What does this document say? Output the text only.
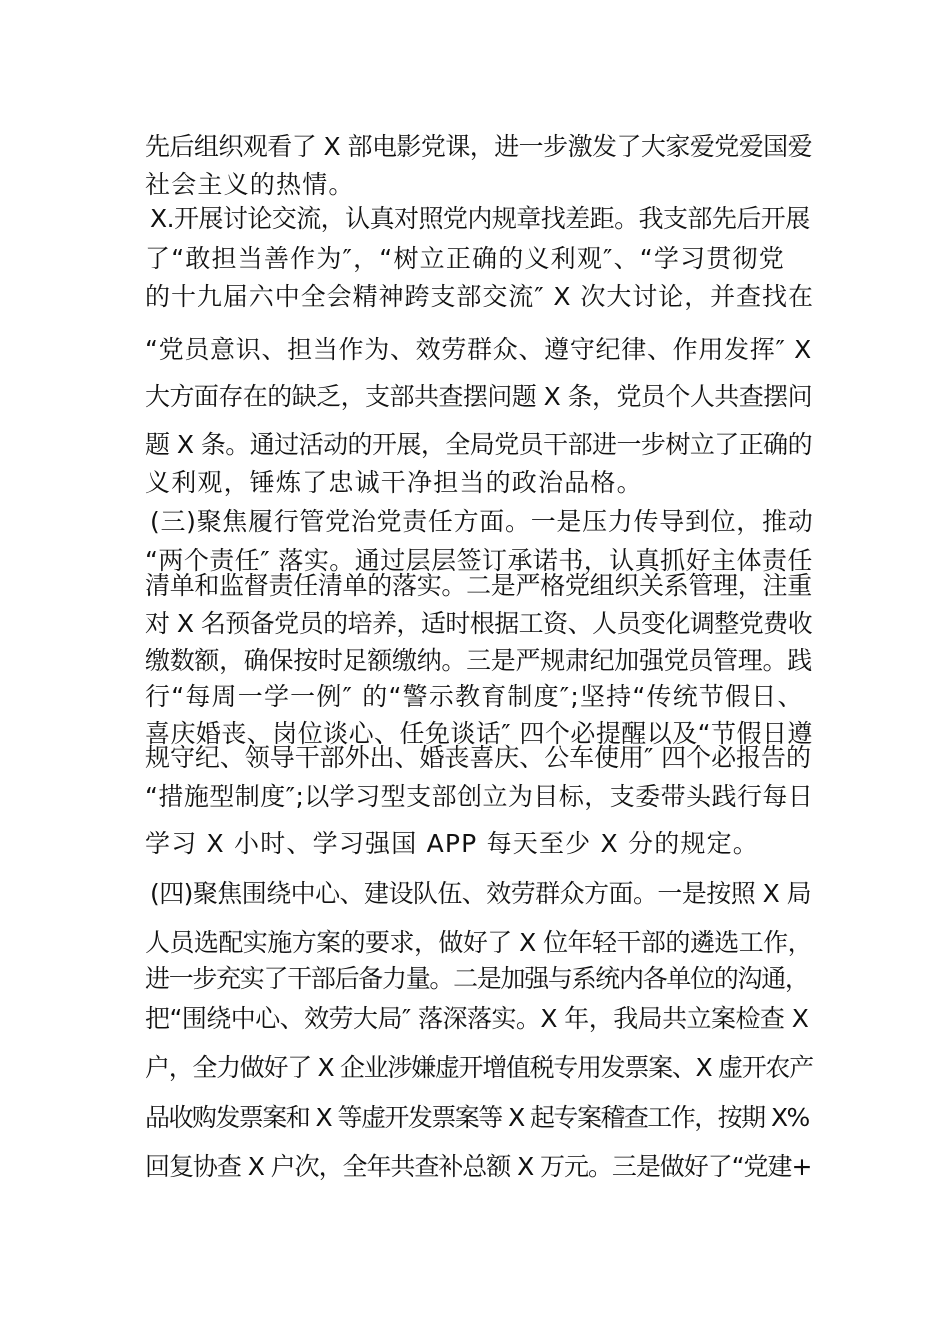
先后组织观看了 X 部电影党课，进一步激发了大家爱党爱国爱

社会主义的热情。

X.开展讨论交流，认真对照党内规章找差距。我支部先后开展

了“敢担当善作为″，“树立正确的义利观″、“学习贯彻党

的十九届六中全会精神跨支部交流″ X 次大讨论，并查找在

“党员意识、担当作为、效劳群众、遵守纪律、作用发挥″ X

大方面存在的缺乏，支部共查摆问题 X 条，党员个人共查摆问

题 X 条。通过活动的开展，全局党员干部进一步树立了正确的

义利观，锤炼了忠诚干净担当的政治品格。

(三)聚焦履行管党治党责任方面。一是压力传导到位，推动

“两个责任″ 落实。通过层层签订承诺书，认真抓好主体责任

清单和监督责任清单的落实。二是严格党组织关系管理，注重

对 X 名预备党员的培养，适时根据工资、人员变化调整党费收

缴数额，确保按时足额缴纳。三是严规肃纪加强党员管理。践

行“每周一学一例″ 的“警示教育制度″;坚持“传统节假日、

喜庆婚丧、岗位谈心、任免谈话″ 四个必提醒以及“节假日遵

规守纪、领导干部外出、婚丧喜庆、公车使用″ 四个必报告的

“措施型制度″;以学习型支部创立为目标，支委带头践行每日

学习 X 小时、学习强国 APP 每天至少 X 分的规定。

(四)聚焦围绕中心、建设队伍、效劳群众方面。一是按照 X 局

人员选配实施方案的要求，做好了 X 位年轻干部的遴选工作，

进一步充实了干部后备力量。二是加强与系统内各单位的沟通，

把“围绕中心、效劳大局″ 落深落实。X 年，我局共立案检查 X

户，全力做好了 X 企业涉嫌虚开增值税专用发票案、X 虚开农产

品收购发票案和 X 等虚开发票案等 X 起专案稽查工作，按期 X%

回复协查 X 户次，全年共查补总额 X 万元。三是做好了“党建+
